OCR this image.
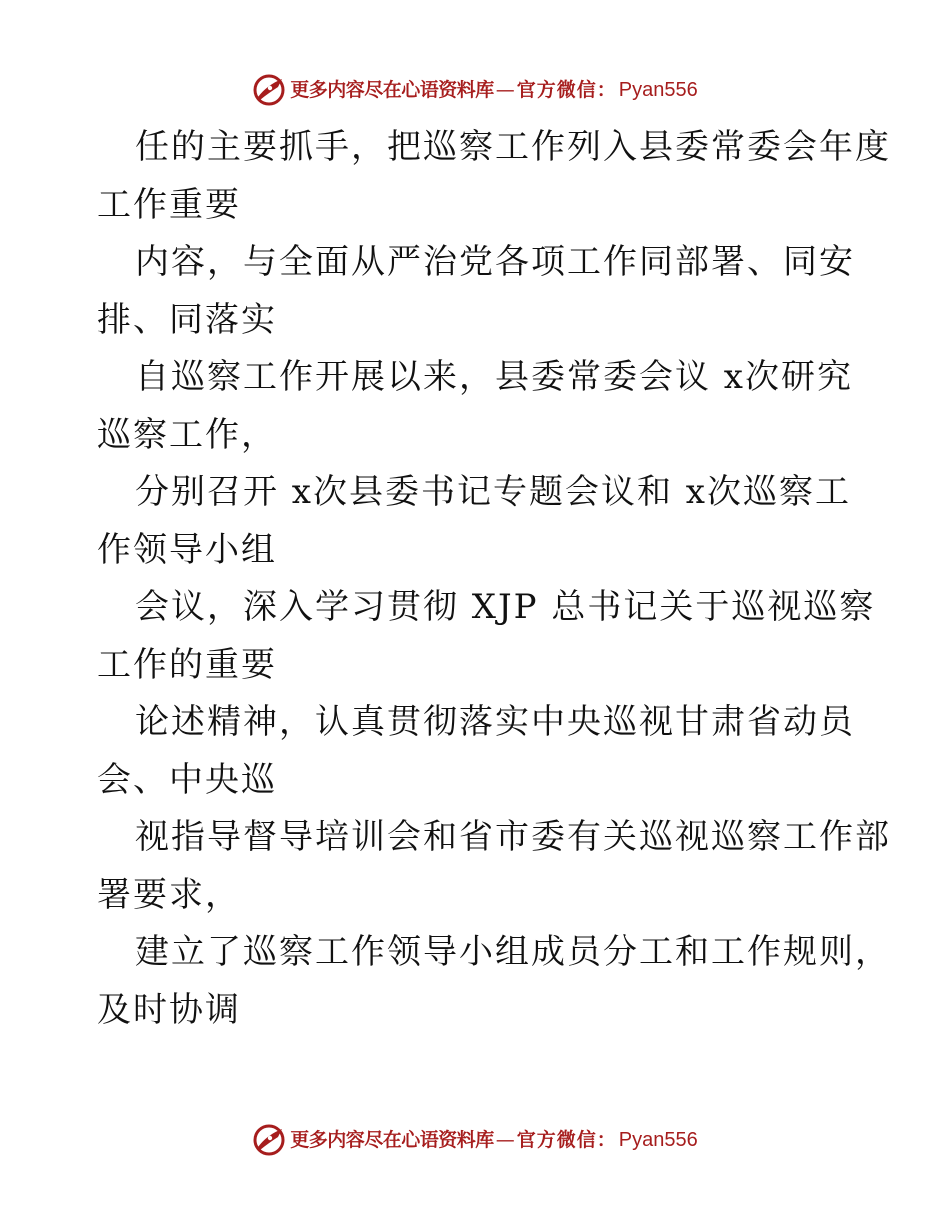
更多内容尽在心语资料库 — 官方微信： Pyan556
任的主要抓手，把巡察工作列入县委常委会年度
工作重要
内容，与全面从严治党各项工作同部署、同安
排、同落实
自巡察工作开展以来，县委常委会议 x次研究
巡察工作，
分别召开 x次县委书记专题会议和 x次巡察工
作领导小组
会议，深入学习贯彻 XJP 总书记关于巡视巡察
工作的重要
论述精神，认真贯彻落实中央巡视甘肃省动员
会、中央巡
视指导督导培训会和省市委有关巡视巡察工作部
署要求，
建立了巡察工作领导小组成员分工和工作规则，
及时协调
更多内容尽在心语资料库 — 官方微信： Pyan556
